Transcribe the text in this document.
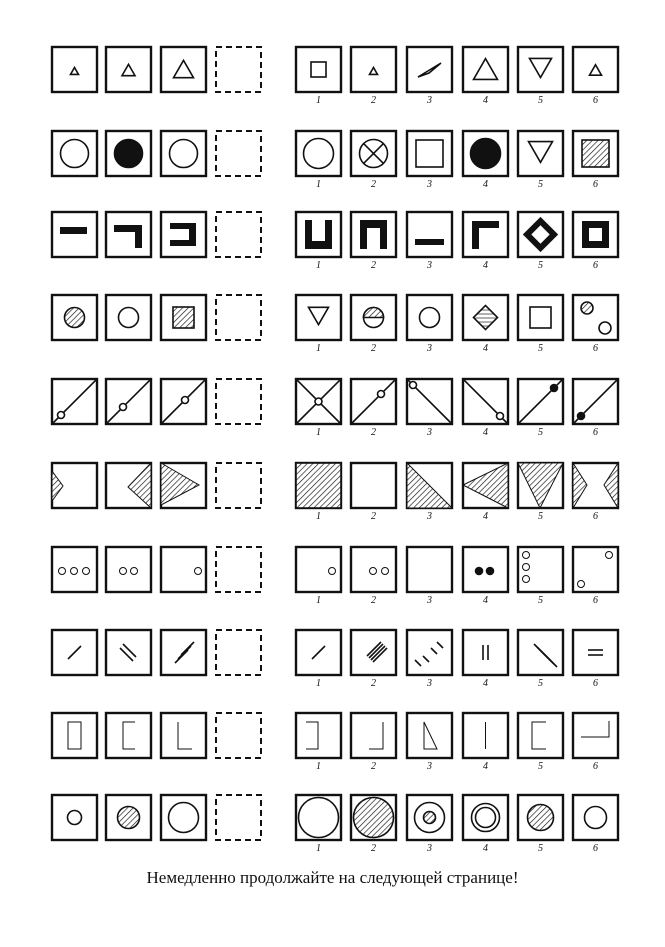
1	2	3	4	5	6
1	2	3	4	5	6
1	2	3	4	5	6
1	2	3	4	5	6
1	2	3	4	5	6
1	2	3	4	5	6
1	2	3	4	5	6
1	2	3	4	5	6
1	2	3	4	5	6
1	2	3	4	5	6
Немедленно продолжайте на следующей странице!
